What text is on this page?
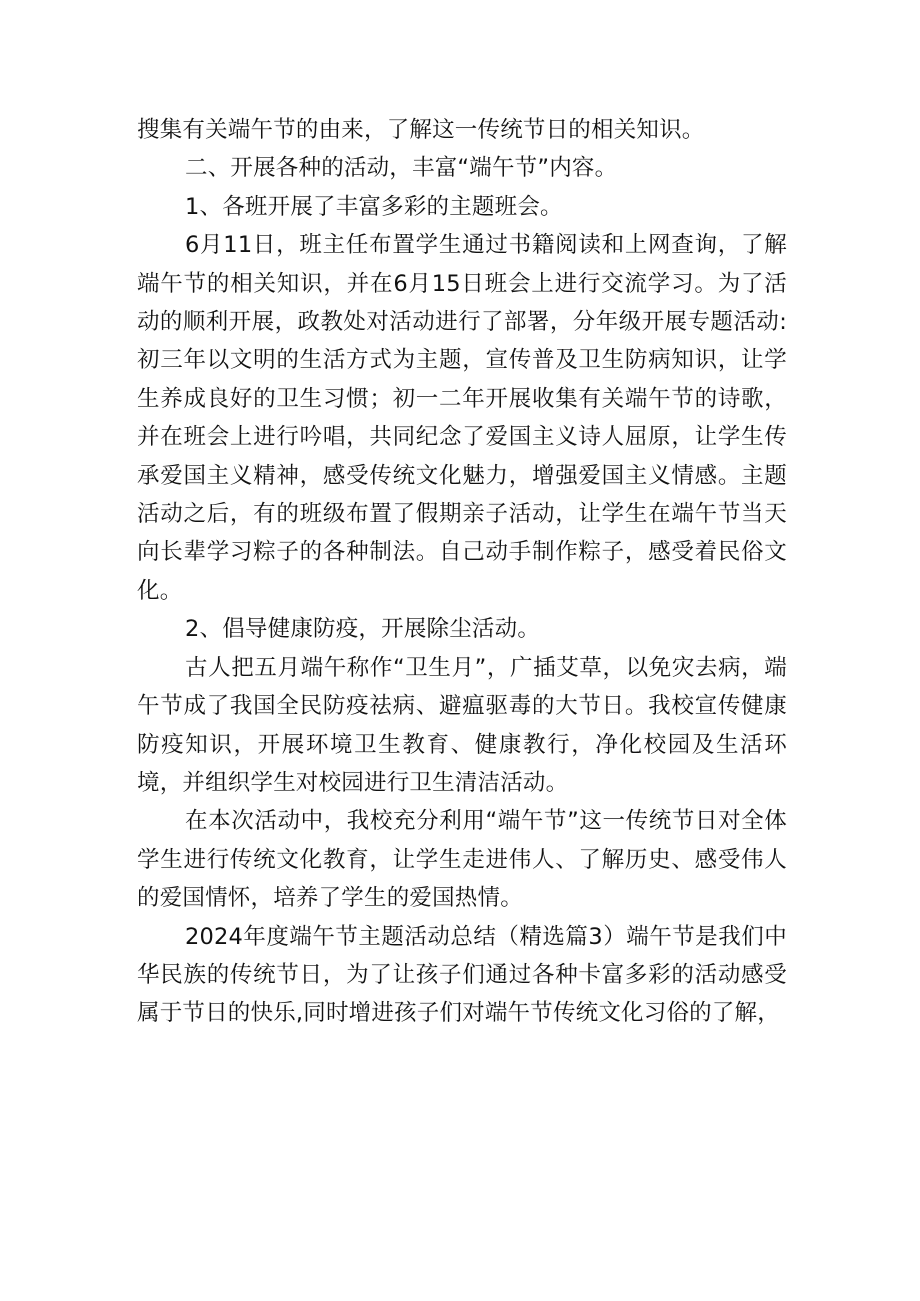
搜集有关端午节的由来，了解这一传统节日的相关知识。

二、开展各种的活动，丰富“端午节”内容。

1、各班开展了丰富多彩的主题班会。

6月11日，班主任布置学生通过书籍阅读和上网查询，了解端午节的相关知识，并在6月15日班会上进行交流学习。为了活动的顺利开展，政教处对活动进行了部署，分年级开展专题活动:初三年以文明的生活方式为主题，宣传普及卫生防病知识，让学生养成良好的卫生习惯；初一二年开展收集有关端午节的诗歌，并在班会上进行吟唱，共同纪念了爱国主义诗人屈原，让学生传承爱国主义精神，感受传统文化魅力，增强爱国主义情感。主题活动之后，有的班级布置了假期亲子活动，让学生在端午节当天向长辈学习粽子的各种制法。自己动手制作粽子，感受着民俗文化。

2、倡导健康防疫，开展除尘活动。

古人把五月端午称作“卫生月”，广插艾草，以免灾去病，端午节成了我国全民防疫祛病、避瘟驱毒的大节日。我校宣传健康防疫知识，开展环境卫生教育、健康教行，净化校园及生活环境，并组织学生对校园进行卫生清洁活动。

在本次活动中，我校充分利用“端午节”这一传统节日对全体学生进行传统文化教育，让学生走进伟人、了解历史、感受伟人的爱国情怀，培养了学生的爱国热情。

2024年度端午节主题活动总结（精选篇3）端午节是我们中华民族的传统节日，为了让孩子们通过各种卡富多彩的活动感受属于节日的快乐,同时增进孩子们对端午节传统文化习俗的了解，
